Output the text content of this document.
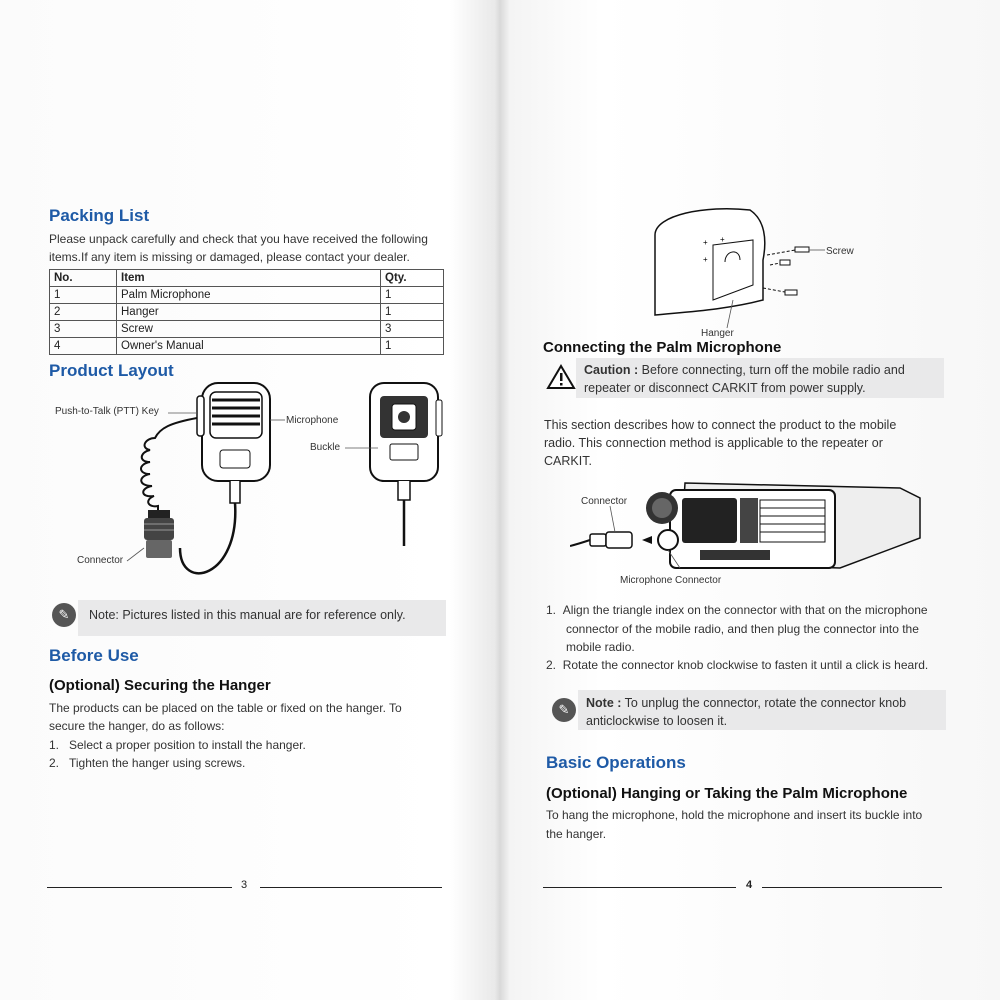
Packing List
Please unpack carefully and check that you have received the following
items.If any item is missing or damaged, please contact your dealer.
No.	Item	Qty.
1	Palm Microphone	1
2	Hanger	1
3	Screw	3
4	Owner's Manual	1
Product Layout
Push-to-Talk (PTT) Key
Microphone
Buckle
Connector
✎	Note: Pictures listed in this manual are for reference only.
Before Use
(Optional) Securing the Hanger
The products can be placed on the table or fixed on the hanger. To
secure the hanger, do as follows:
1. Select a proper position to install the hanger.
2. Tighten the hanger using screws.
3
+ +
+
Screw
Hanger
Connecting the Palm Microphone
Caution : Before connecting, turn off the mobile radio and
repeater or disconnect CARKIT from power supply.
This section describes how to connect the product to the mobile
radio. This connection method is applicable to the repeater or
CARKIT.
Connector
Microphone Connector
1.  Align the triangle index on the connector with that on the microphone
connector of the mobile radio, and then plug the connector into the
mobile radio.
2.  Rotate the connector knob clockwise to fasten it until a click is heard.
✎	Note : To unplug the connector, rotate the connector knob
anticlockwise to loosen it.
Basic Operations
(Optional) Hanging or Taking the Palm Microphone
To hang the microphone, hold the microphone and insert its buckle into
the hanger.
4
